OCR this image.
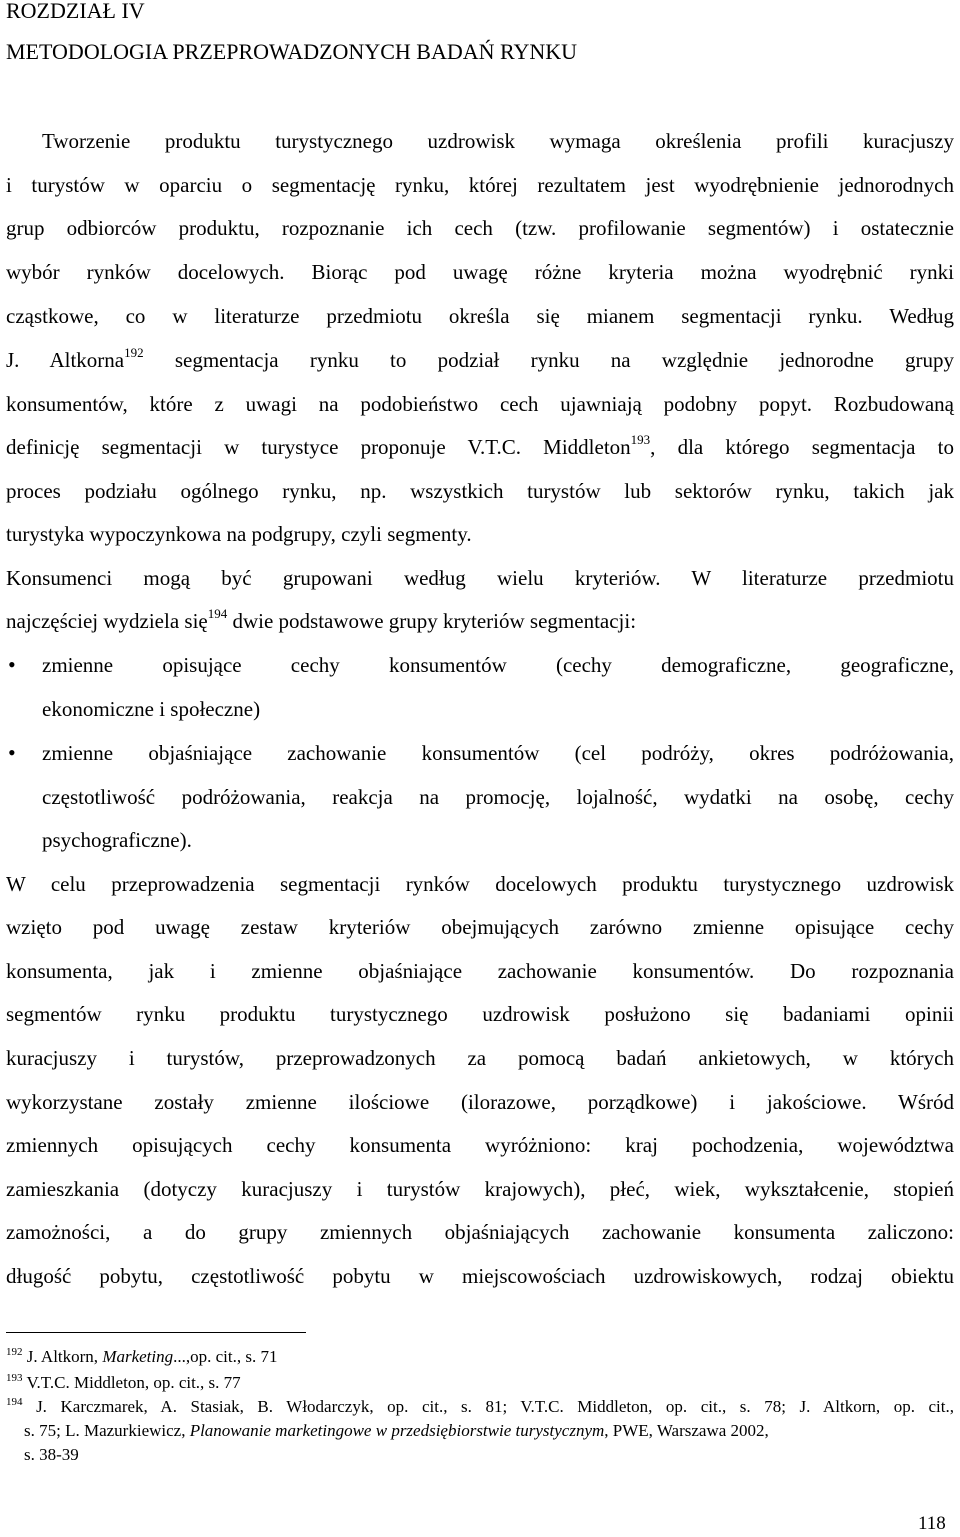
ROZDZIAŁ IV
METODOLOGIA PRZEPROWADZONYCH BADAŃ RYNKU
Tworzenie produktu turystycznego uzdrowisk wymaga określenia profili kuracjuszy
i turystów w oparciu o segmentację rynku, której rezultatem jest wyodrębnienie jednorodnych
grup odbiorców produktu, rozpoznanie ich cech (tzw. profilowanie segmentów) i ostatecznie
wybór rynków docelowych. Biorąc pod uwagę różne kryteria można wyodrębnić rynki
cząstkowe, co w literaturze przedmiotu określa się mianem segmentacji rynku. Według
J. Altkorna$^{192}$ segmentacja rynku to podział rynku na względnie jednorodne grupy
konsumentów, które z uwagi na podobieństwo cech ujawniają podobny popyt. Rozbudowaną
definicję segmentacji w turystyce proponuje V.T.C. Middleton$^{193}$, dla którego segmentacja to
proces podziału ogólnego rynku, np. wszystkich turystów lub sektorów rynku, takich jak
turystyka wypoczynkowa na podgrupy, czyli segmenty.
Konsumenci mogą być grupowani według wielu kryteriów. W literaturze przedmiotu
najczęściej wydziela się$^{194}$ dwie podstawowe grupy kryteriów segmentacji:
• zmienne opisujące cechy konsumentów (cechy demograficzne, geograficzne,
ekonomiczne i społeczne)
• zmienne objaśniające zachowanie konsumentów (cel podróży, okres podróżowania,
częstotliwość podróżowania, reakcja na promocję, lojalność, wydatki na osobę, cechy
psychograficzne).
W celu przeprowadzenia segmentacji rynków docelowych produktu turystycznego uzdrowisk
wzięto pod uwagę zestaw kryteriów obejmujących zarówno zmienne opisujące cechy
konsumenta, jak i zmienne objaśniające zachowanie konsumentów. Do rozpoznania
segmentów rynku produktu turystycznego uzdrowisk posłużono się badaniami opinii
kuracjuszy i turystów, przeprowadzonych za pomocą badań ankietowych, w których
wykorzystane zostały zmienne ilościowe (ilorazowe, porządkowe) i jakościowe. Wśród
zmiennych opisujących cechy konsumenta wyróżniono: kraj pochodzenia, województwa
zamieszkania (dotyczy kuracjuszy i turystów krajowych), płeć, wiek, wykształcenie, stopień
zamożności, a do grupy zmiennych objaśniających zachowanie konsumenta zaliczono:
długość pobytu, częstotliwość pobytu w miejscowościach uzdrowiskowych, rodzaj obiektu
$^{192}$ J. Altkorn, Marketing...,op. cit., s. 71
$^{193}$ V.T.C. Middleton, op. cit., s. 77
$^{194}$ J. Karczmarek, A. Stasiak, B. Włodarczyk, op. cit., s. 81; V.T.C. Middleton, op. cit., s. 78; J. Altkorn, op. cit.,
s. 75; L. Mazurkiewicz, Planowanie marketingowe w przedsiębiorstwie turystycznym, PWE, Warszawa 2002,
s. 38-39
118
